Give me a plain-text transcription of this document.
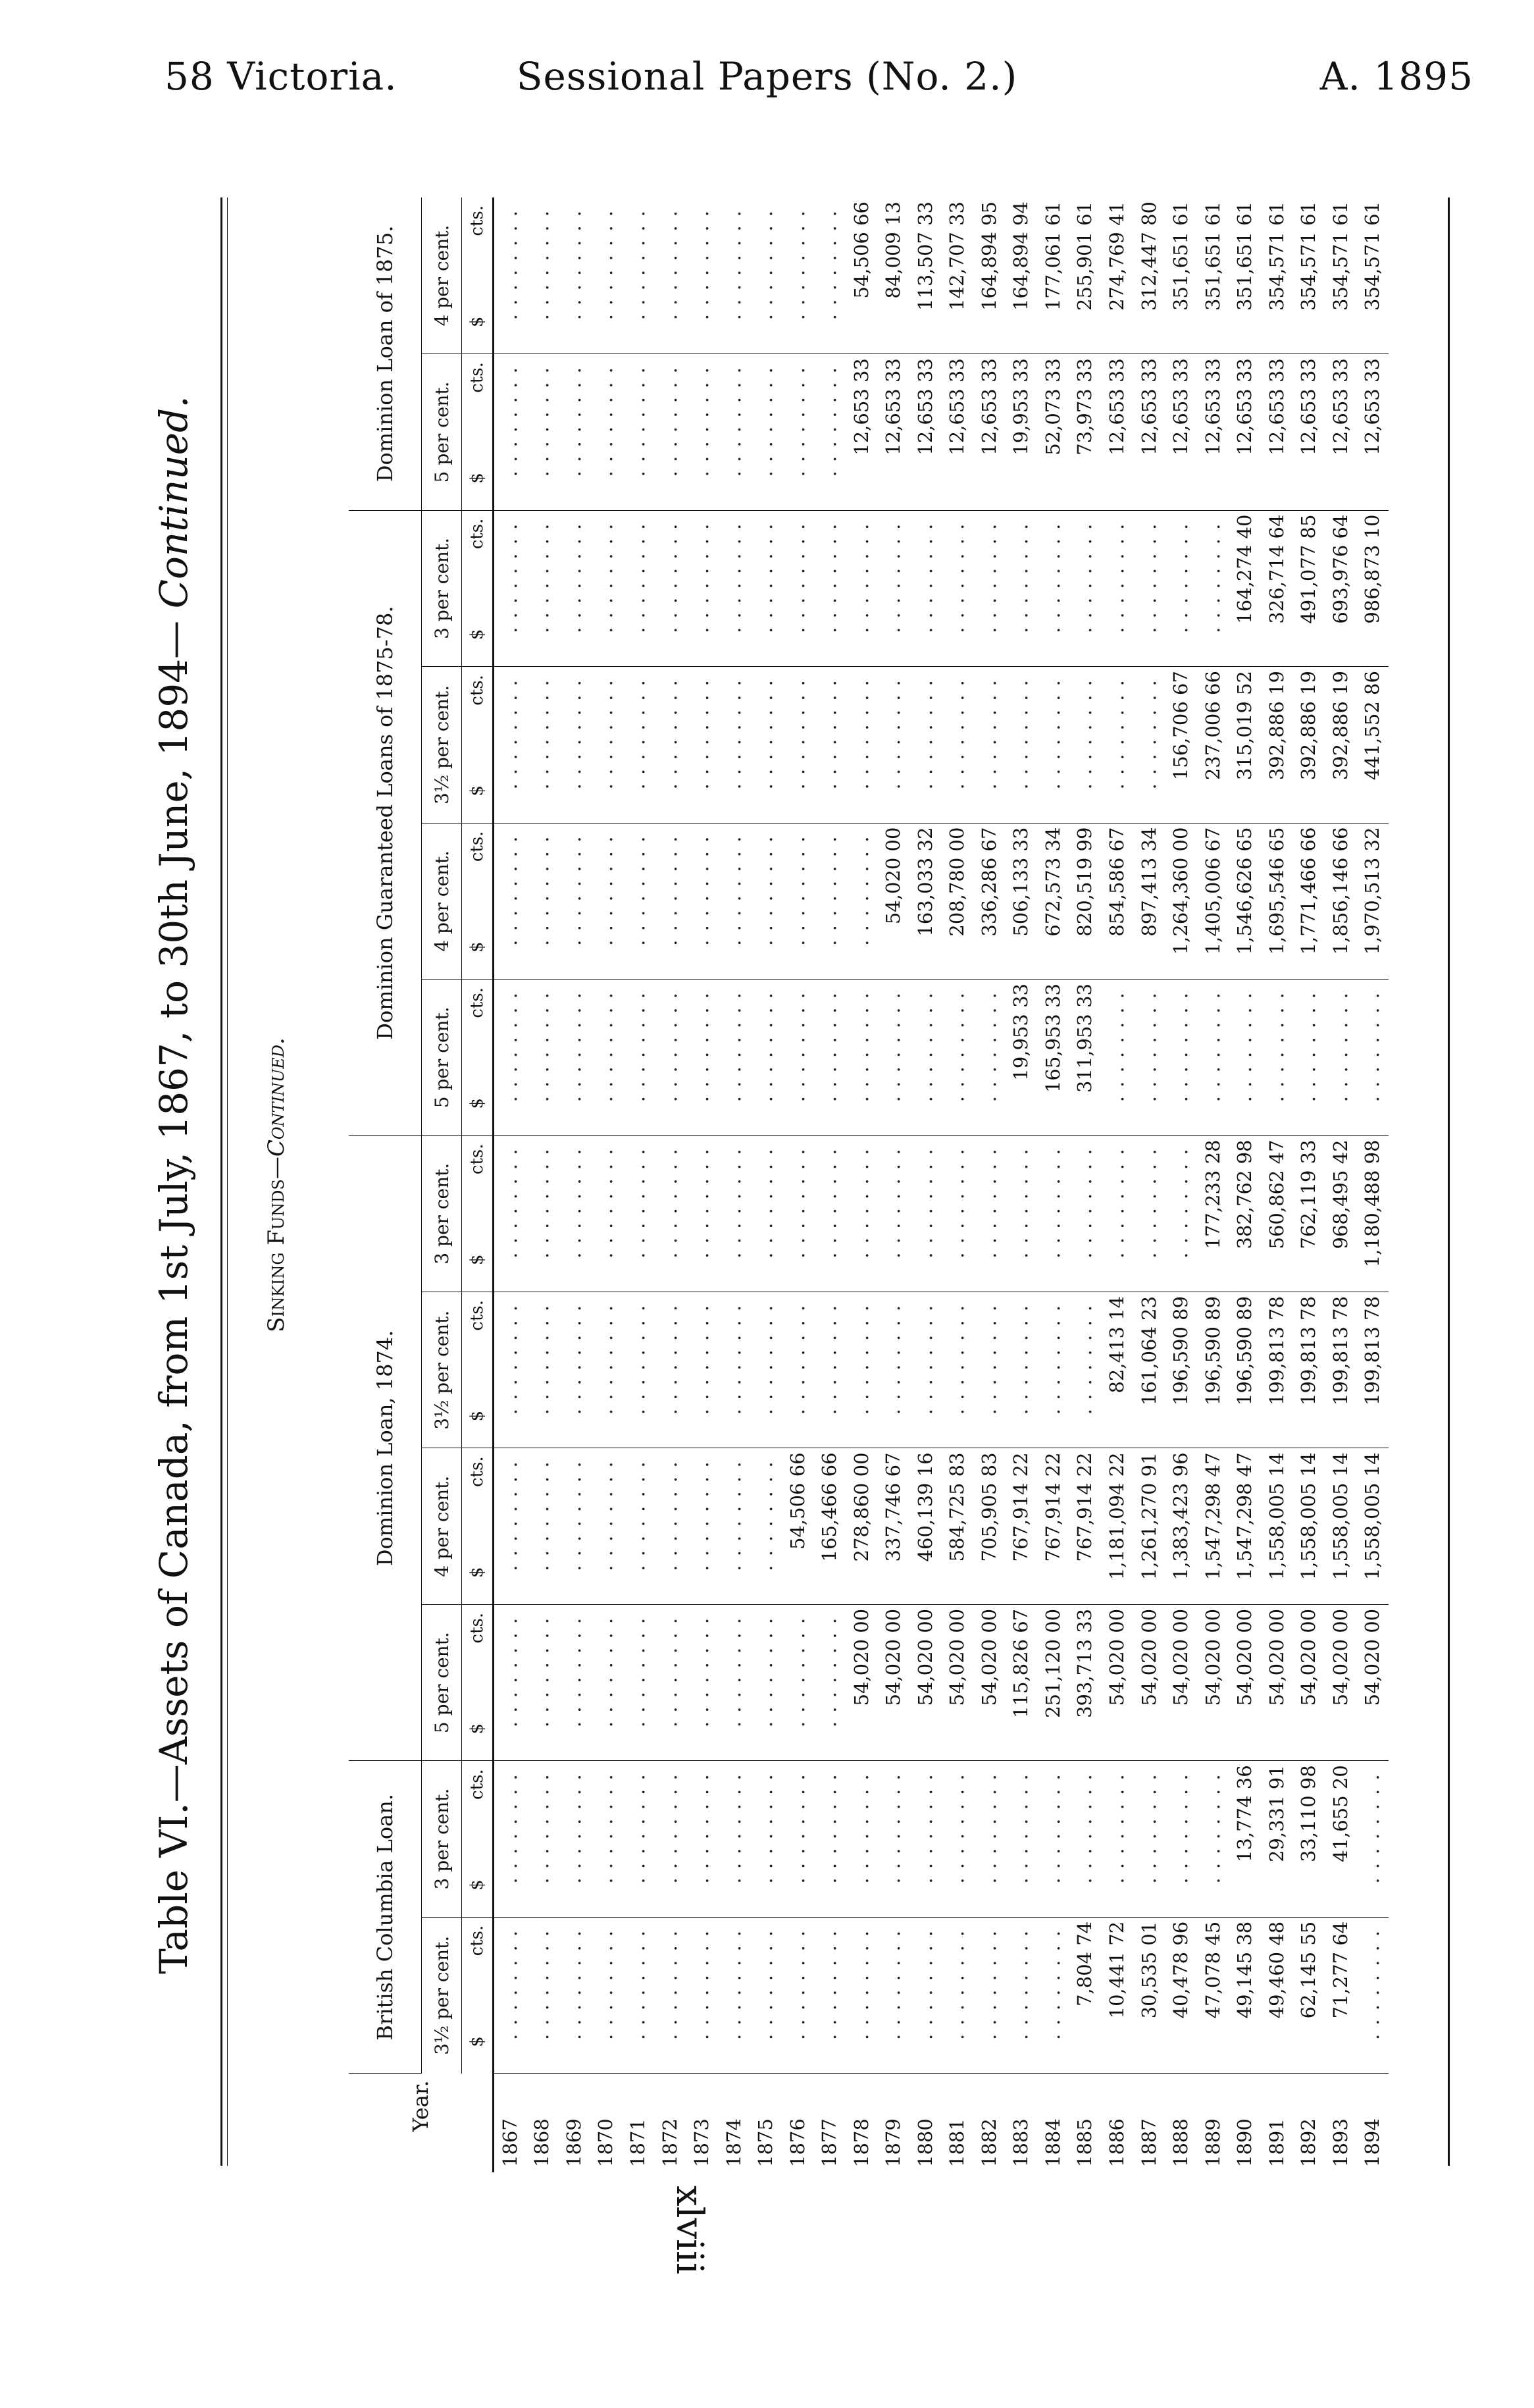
58 Victoria.	Sessional Papers (No. 2.)	A. 1895
xlviii
Table VI.—Assets of Canada, from 1st July, 1867, to 30th June, 1894— Continued.
Sinking Funds—Continued.
Year.	British Columbia Loan.		Dominion Loan, 1874.				Dominion Guaranteed Loans of 1875-78.				Dominion Loan of 1875.	
	3½ per cent.	3 per cent.	5 per cent.	4 per cent.	3½ per cent.	3 per cent.	5 per cent.	4 per cent.	3½ per cent.	3 per cent.	5 per cent.	4 per cent.

	$
cts.	$
cts.	$
cts.	$
cts.	$
cts.	$
cts.	$
cts.	$
cts.	$
cts.	$
cts.	$
cts.	$
cts.

1867	. . . . . . . .	. . . . . . . .	. . . . . . . .	. . . . . . . .	. . . . . . . .	. . . . . . . .	. . . . . . . .	. . . . . . . .	. . . . . . . .	. . . . . . . .	. . . . . . . .	. . . . . . . .
1868	. . . . . . . .	. . . . . . . .	. . . . . . . .	. . . . . . . .	. . . . . . . .	. . . . . . . .	. . . . . . . .	. . . . . . . .	. . . . . . . .	. . . . . . . .	. . . . . . . .	. . . . . . . .
1869	. . . . . . . .	. . . . . . . .	. . . . . . . .	. . . . . . . .	. . . . . . . .	. . . . . . . .	. . . . . . . .	. . . . . . . .	. . . . . . . .	. . . . . . . .	. . . . . . . .	. . . . . . . .
1870	. . . . . . . .	. . . . . . . .	. . . . . . . .	. . . . . . . .	. . . . . . . .	. . . . . . . .	. . . . . . . .	. . . . . . . .	. . . . . . . .	. . . . . . . .	. . . . . . . .	. . . . . . . .
1871	. . . . . . . .	. . . . . . . .	. . . . . . . .	. . . . . . . .	. . . . . . . .	. . . . . . . .	. . . . . . . .	. . . . . . . .	. . . . . . . .	. . . . . . . .	. . . . . . . .	. . . . . . . .
1872	. . . . . . . .	. . . . . . . .	. . . . . . . .	. . . . . . . .	. . . . . . . .	. . . . . . . .	. . . . . . . .	. . . . . . . .	. . . . . . . .	. . . . . . . .	. . . . . . . .	. . . . . . . .
1873	. . . . . . . .	. . . . . . . .	. . . . . . . .	. . . . . . . .	. . . . . . . .	. . . . . . . .	. . . . . . . .	. . . . . . . .	. . . . . . . .	. . . . . . . .	. . . . . . . .	. . . . . . . .
1874	. . . . . . . .	. . . . . . . .	. . . . . . . .	. . . . . . . .	. . . . . . . .	. . . . . . . .	. . . . . . . .	. . . . . . . .	. . . . . . . .	. . . . . . . .	. . . . . . . .	. . . . . . . .
1875	. . . . . . . .	. . . . . . . .	. . . . . . . .	. . . . . . . .	. . . . . . . .	. . . . . . . .	. . . . . . . .	. . . . . . . .	. . . . . . . .	. . . . . . . .	. . . . . . . .	. . . . . . . .
1876	. . . . . . . .	. . . . . . . .	. . . . . . . .	54,506 66	. . . . . . . .	. . . . . . . .	. . . . . . . .	. . . . . . . .	. . . . . . . .	. . . . . . . .	. . . . . . . .	. . . . . . . .
1877	. . . . . . . .	. . . . . . . .	. . . . . . . .	165,466 66	. . . . . . . .	. . . . . . . .	. . . . . . . .	. . . . . . . .	. . . . . . . .	. . . . . . . .	. . . . . . . .	. . . . . . . .
1878	. . . . . . . .	. . . . . . . .	54,020 00	278,860 00	. . . . . . . .	. . . . . . . .	. . . . . . . .	. . . . . . . .	. . . . . . . .	. . . . . . . .	12,653 33	54,506 66
1879	. . . . . . . .	. . . . . . . .	54,020 00	337,746 67	. . . . . . . .	. . . . . . . .	. . . . . . . .	54,020 00	. . . . . . . .	. . . . . . . .	12,653 33	84,009 13
1880	. . . . . . . .	. . . . . . . .	54,020 00	460,139 16	. . . . . . . .	. . . . . . . .	. . . . . . . .	163,033 32	. . . . . . . .	. . . . . . . .	12,653 33	113,507 33
1881	. . . . . . . .	. . . . . . . .	54,020 00	584,725 83	. . . . . . . .	. . . . . . . .	. . . . . . . .	208,780 00	. . . . . . . .	. . . . . . . .	12,653 33	142,707 33
1882	. . . . . . . .	. . . . . . . .	54,020 00	705,905 83	. . . . . . . .	. . . . . . . .	. . . . . . . .	336,286 67	. . . . . . . .	. . . . . . . .	12,653 33	164,894 95
1883	. . . . . . . .	. . . . . . . .	115,826 67	767,914 22	. . . . . . . .	. . . . . . . .	19,953 33	506,133 33	. . . . . . . .	. . . . . . . .	19,953 33	164,894 94
1884	. . . . . . . .	. . . . . . . .	251,120 00	767,914 22	. . . . . . . .	. . . . . . . .	165,953 33	672,573 34	. . . . . . . .	. . . . . . . .	52,073 33	177,061 61
1885	7,804 74	. . . . . . . .	393,713 33	767,914 22	. . . . . . . .	. . . . . . . .	311,953 33	820,519 99	. . . . . . . .	. . . . . . . .	73,973 33	255,901 61
1886	10,441 72	. . . . . . . .	54,020 00	1,181,094 22	82,413 14	. . . . . . . .	. . . . . . . .	854,586 67	. . . . . . . .	. . . . . . . .	12,653 33	274,769 41
1887	30,535 01	. . . . . . . .	54,020 00	1,261,270 91	161,064 23	. . . . . . . .	. . . . . . . .	897,413 34	. . . . . . . .	. . . . . . . .	12,653 33	312,447 80
1888	40,478 96	. . . . . . . .	54,020 00	1,383,423 96	196,590 89	. . . . . . . .	. . . . . . . .	1,264,360 00	156,706 67	. . . . . . . .	12,653 33	351,651 61
1889	47,078 45	. . . . . . . .	54,020 00	1,547,298 47	196,590 89	177,233 28	. . . . . . . .	1,405,006 67	237,006 66	. . . . . . . .	12,653 33	351,651 61
1890	49,145 38	13,774 36	54,020 00	1,547,298 47	196,590 89	382,762 98	. . . . . . . .	1,546,626 65	315,019 52	164,274 40	12,653 33	351,651 61
1891	49,460 48	29,331 91	54,020 00	1,558,005 14	199,813 78	560,862 47	. . . . . . . .	1,695,546 65	392,886 19	326,714 64	12,653 33	354,571 61
1892	62,145 55	33,110 98	54,020 00	1,558,005 14	199,813 78	762,119 33	. . . . . . . .	1,771,466 66	392,886 19	491,077 85	12,653 33	354,571 61
1893	71,277 64	41,655 20	54,020 00	1,558,005 14	199,813 78	968,495 42	. . . . . . . .	1,856,146 66	392,886 19	693,976 64	12,653 33	354,571 61
1894	. . . . . . . .	. . . . . . . .	54,020 00	1,558,005 14	199,813 78	1,180,488 98	. . . . . . . .	1,970,513 32	441,552 86	986,873 10	12,653 33	354,571 61
